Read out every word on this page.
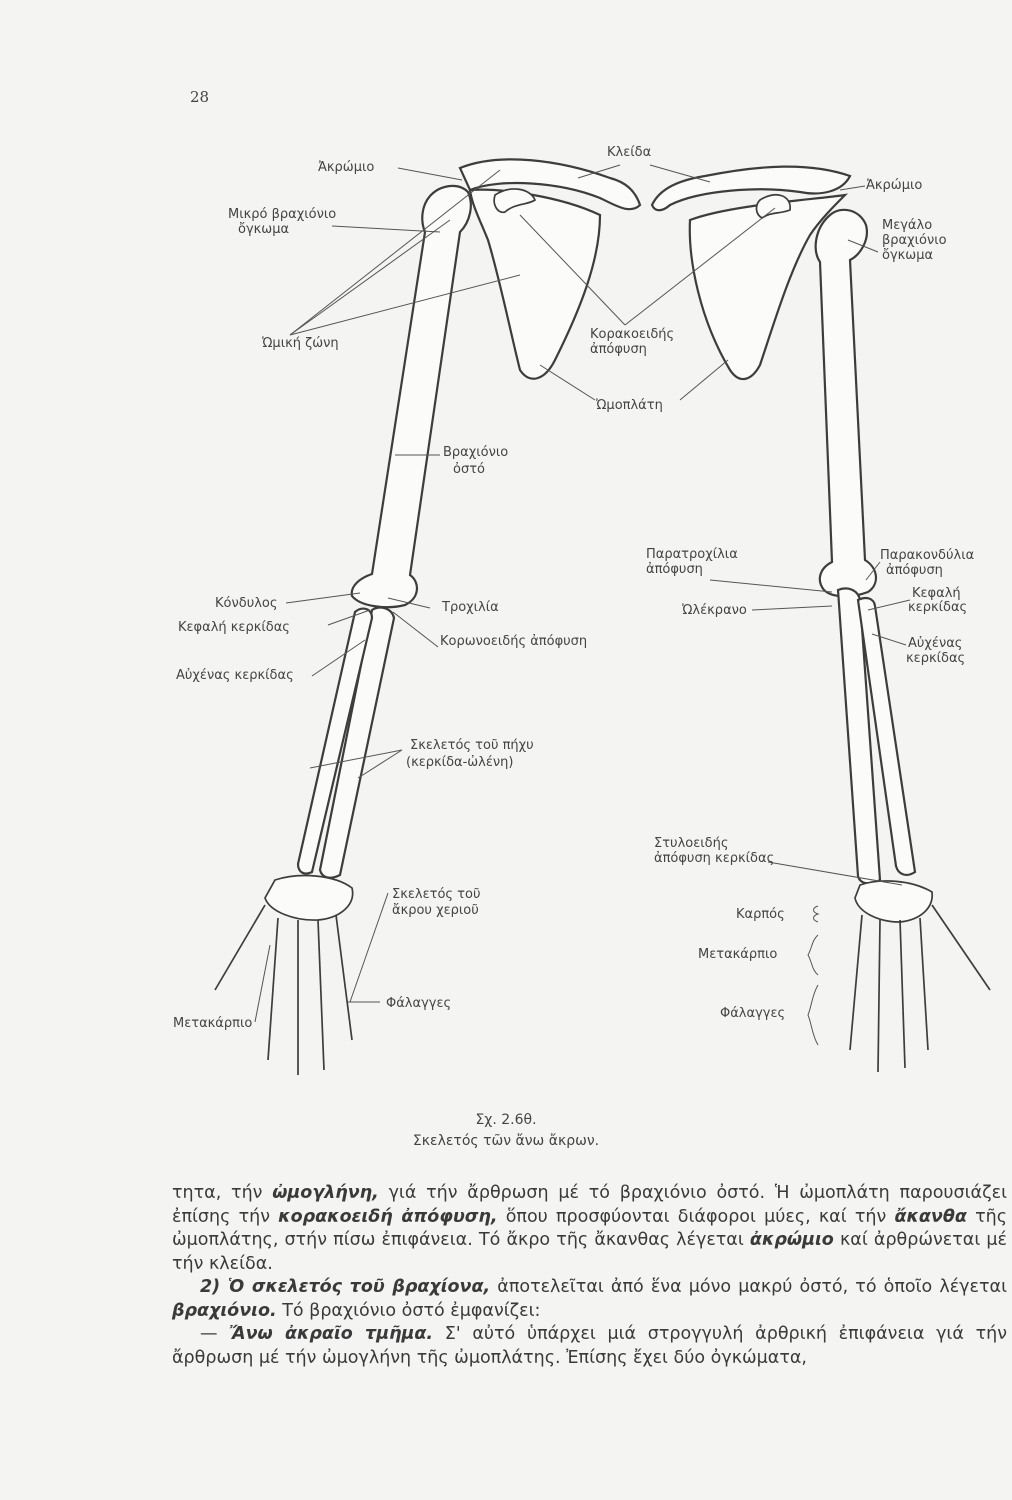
28
Ἀκρώμιο
Μικρό βραχιόνιο
ὄγκωμα
Κλείδα
Ἀκρώμιο
Μεγάλο
βραχιόνιο
ὄγκωμα
Ὠμική ζώνη
Κορακοειδής
ἀπόφυση
Ὠμοπλάτη
Βραχιόνιο
ὀστό
Παρατροχίλια
ἀπόφυση
Παρακονδύλια
ἀπόφυση
Κόνδυλος
Κεφαλή κερκίδας
Τροχιλία	Ὠλέκρανο
Κεφαλή
κερκίδας
Κορωνοειδής ἀπόφυση
Αὐχένας κερκίδας
Αὐχένας
κερκίδας
Σκελετός τοῦ πήχυ
(κερκίδα-ὠλένη)
Στυλοειδής
ἀπόφυση κερκίδας
Σκελετός τοῦ
ἄκρου χεριοῦ	Καρπός
Μετακάρπιο
Φάλαγγες
Φάλαγγες
Μετακάρπιο
Σχ. 2.6θ.
Σκελετός τῶν ἄνω ἄκρων.

τητα, τήν ὠμογλήνη, γιά τήν ἄρθρωση μέ τό βραχιόνιο ὀστό. Ἡ ὠμοπλάτη παρουσιάζει ἐπίσης τήν κορακοειδή ἀπόφυση, ὅπου προσφύονται διάφοροι μύες, καί τήν ἄκανθα τῆς ὠμοπλάτης, στήν πίσω ἐπιφάνεια. Τό ἄκρο τῆς ἄκανθας λέγεται ἀκρώμιο καί ἀρθρώνεται μέ τήν κλείδα.

2) Ὁ σκελετός τοῦ βραχίονα, ἀποτελεῖται ἀπό ἕνα μόνο μακρύ ὀστό, τό ὁποῖο λέγεται βραχιόνιο. Τό βραχιόνιο ὀστό ἐμφανίζει:

— Ἄνω ἀκραῖο τμῆμα. Σ' αὐτό ὑπάρχει μιά στρογγυλή ἀρθρική ἐπιφάνεια γιά τήν ἄρθρωση μέ τήν ὠμογλήνη τῆς ὠμοπλάτης. Ἐπίσης ἔχει δύο ὀγκώματα,
